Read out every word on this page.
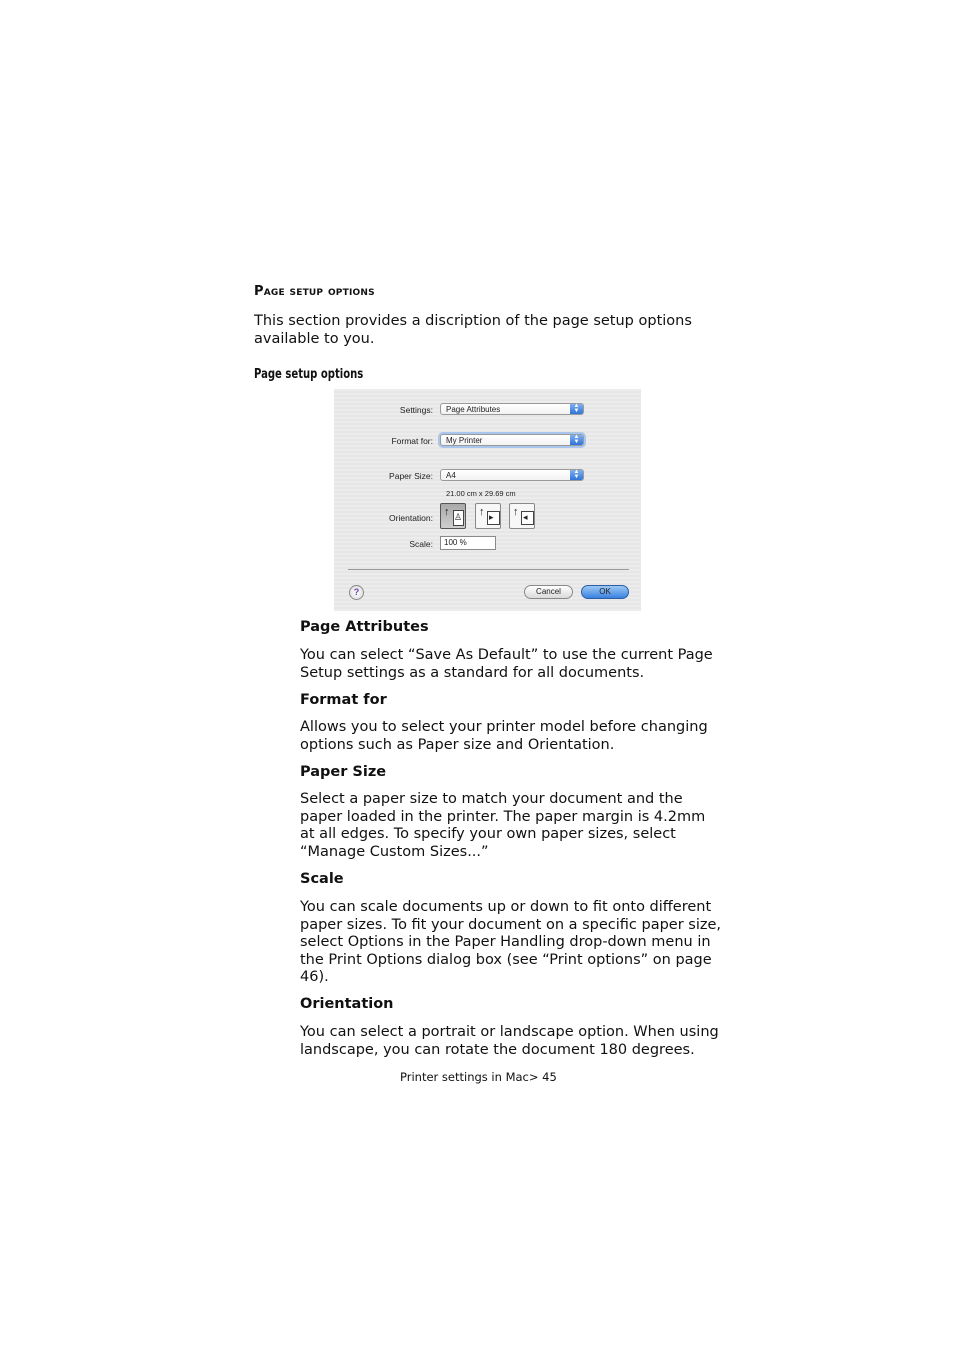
Page setup options
This section provides a discription of the page setup options available to you.
Page setup options
Settings: Page Attributes	▲
▼
Format for: My Printer	▲
▼
Paper Size: A4	▲
▼
21.00 cm x 29.69 cm
Orientation: ↑ ♙ ↑ ▸ ↑ ◂
Scale: 100 %
?	Cancel	OK
Page Attributes
You can select “Save As Default” to use the current Page Setup settings as a standard for all documents.
Format for
Allows you to select your printer model before changing options such as Paper size and Orientation.
Paper Size
Select a paper size to match your document and the paper loaded in the printer. The paper margin is 4.2mm at all edges. To specify your own paper sizes, select “Manage Custom Sizes...”
Scale
You can scale documents up or down to fit onto different paper sizes. To fit your document on a specific paper size, select Options in the Paper Handling drop-down menu in the Print Options dialog box (see “Print options” on page 46).
Orientation
You can select a portrait or landscape option. When using landscape, you can rotate the document 180 degrees.
Printer settings in Mac> 45
